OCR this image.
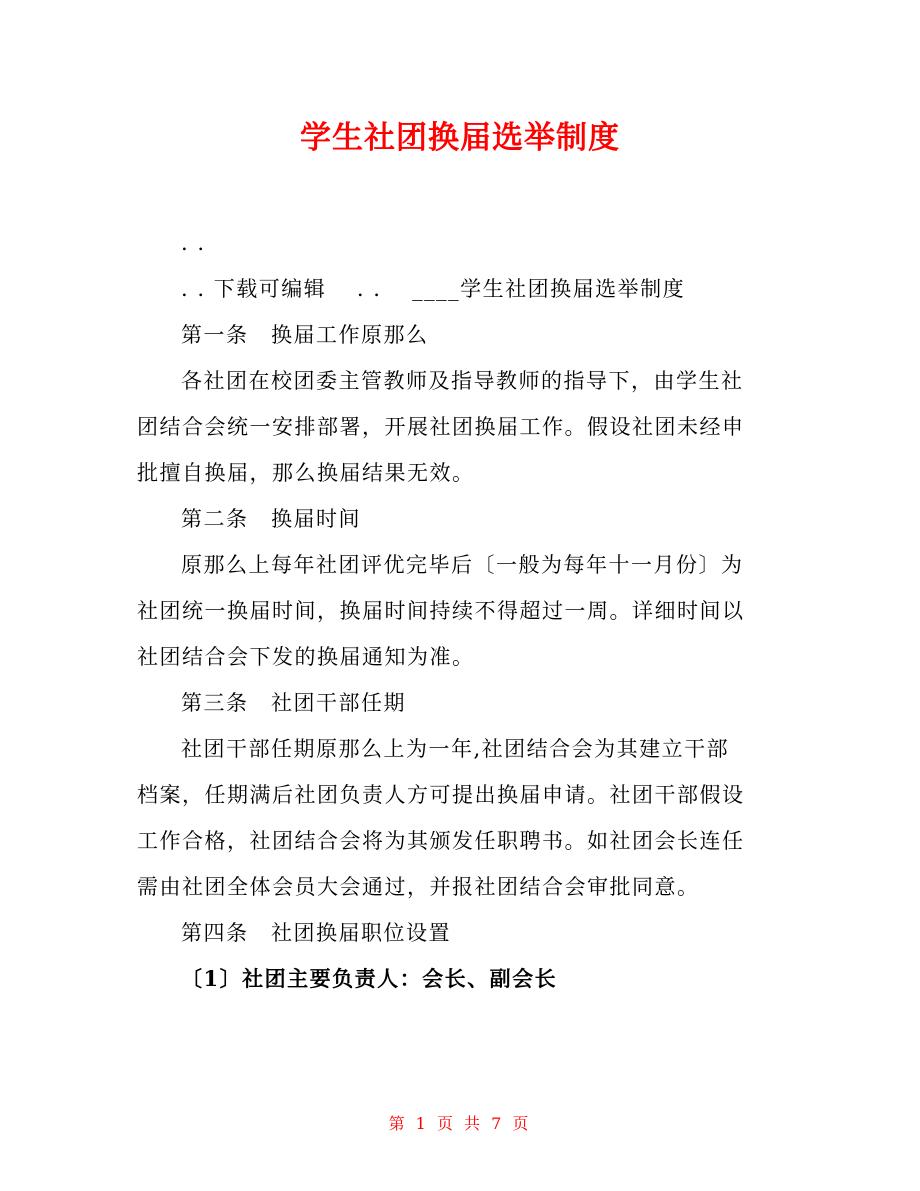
学生社团换届选举制度
. .
. . 下载可编辑　 . . 　____学生社团换届选举制度
第一条　换届工作原那么
各社团在校团委主管教师及指导教师的指导下，由学生社
团结合会统一安排部署，开展社团换届工作。假设社团未经申
批擅自换届，那么换届结果无效。
第二条　换届时间
原那么上每年社团评优完毕后〔一般为每年十一月份〕为
社团统一换届时间，换届时间持续不得超过一周。详细时间以
社团结合会下发的换届通知为准。
第三条　社团干部任期
社团干部任期原那么上为一年,社团结合会为其建立干部
档案，任期满后社团负责人方可提出换届申请。社团干部假设
工作合格，社团结合会将为其颁发任职聘书。如社团会长连任
需由社团全体会员大会通过，并报社团结合会审批同意。
第四条　社团换届职位设置
〔1〕社团主要负责人：会长、副会长
第 1 页 共 7 页
